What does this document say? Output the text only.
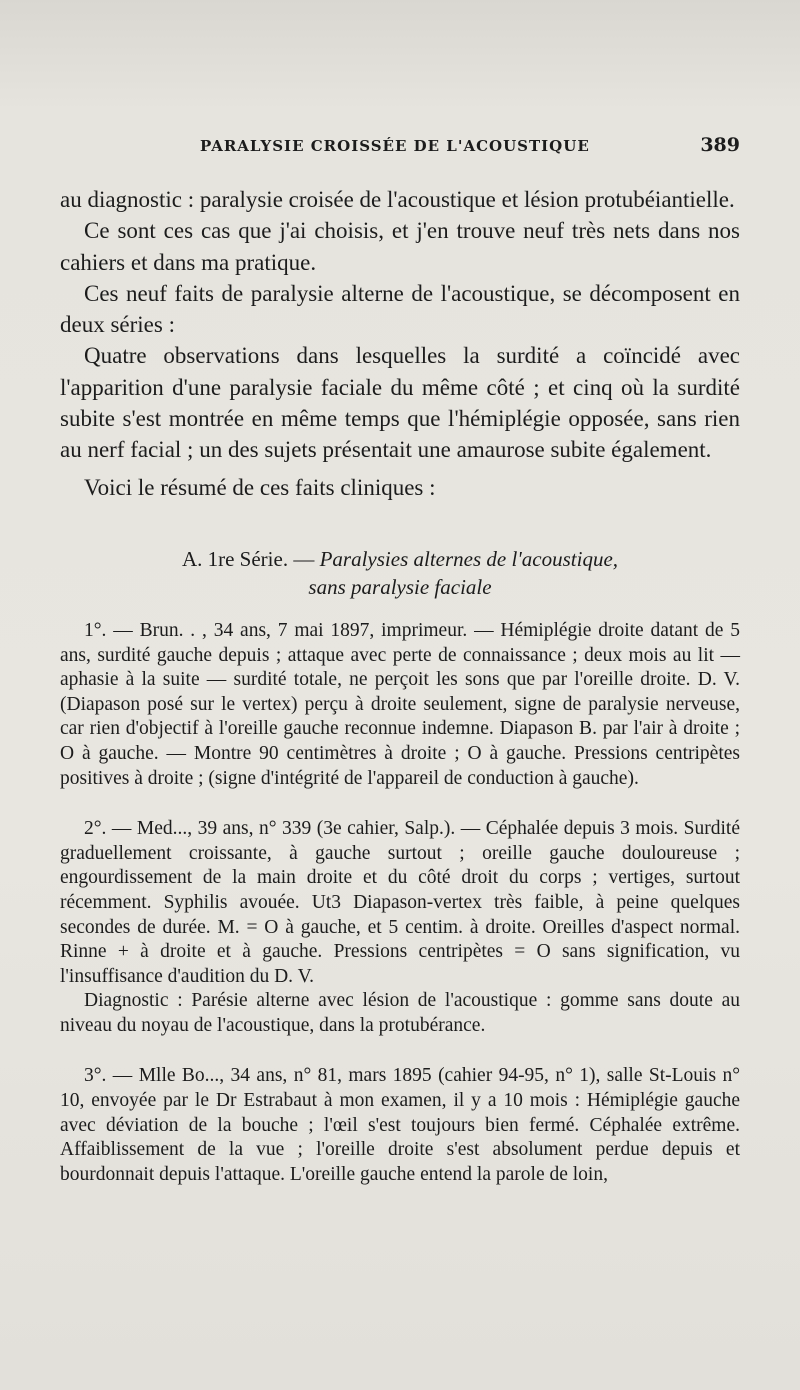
PARALYSIE CROISSÉE DE L'ACOUSTIQUE	389

au diagnostic : paralysie croisée de l'acoustique et lésion protubéiantielle.

Ce sont ces cas que j'ai choisis, et j'en trouve neuf très nets dans nos cahiers et dans ma pratique.

Ces neuf faits de paralysie alterne de l'acoustique, se décomposent en deux séries :

Quatre observations dans lesquelles la surdité a coïncidé avec l'apparition d'une paralysie faciale du même côté ; et cinq où la surdité subite s'est montrée en même temps que l'hémiplégie opposée, sans rien au nerf facial ; un des sujets présentait une amaurose subite également.

Voici le résumé de ces faits cliniques :

A. 1re Série. — Paralysies alternes de l'acoustique,
sans paralysie faciale

1°. — Brun. . , 34 ans, 7 mai 1897, imprimeur. — Hémiplégie droite datant de 5 ans, surdité gauche depuis ; attaque avec perte de connaissance ; deux mois au lit — aphasie à la suite — surdité totale, ne perçoit les sons que par l'oreille droite. D. V. (Diapason posé sur le vertex) perçu à droite seulement, signe de paralysie nerveuse, car rien d'objectif à l'oreille gauche reconnue indemne. Diapason B. par l'air à droite ; O à gauche. — Montre 90 centimètres à droite ; O à gauche. Pressions centripètes positives à droite ; (signe d'intégrité de l'appareil de conduction à gauche).

2°. — Med..., 39 ans, n° 339 (3e cahier, Salp.). — Céphalée depuis 3 mois. Surdité graduellement croissante, à gauche surtout ; oreille gauche douloureuse ; engourdissement de la main droite et du côté droit du corps ; vertiges, surtout récemment. Syphilis avouée. Ut3 Diapason-vertex très faible, à peine quelques secondes de durée. M. = O à gauche, et 5 centim. à droite. Oreilles d'aspect normal. Rinne + à droite et à gauche. Pressions centripètes = O sans signification, vu l'insuffisance d'audition du D. V.

Diagnostic : Parésie alterne avec lésion de l'acoustique : gomme sans doute au niveau du noyau de l'acoustique, dans la protubérance.

3°. — Mlle Bo..., 34 ans, n° 81, mars 1895 (cahier 94-95, n° 1), salle St-Louis n° 10, envoyée par le Dr Estrabaut à mon examen, il y a 10 mois : Hémiplégie gauche avec déviation de la bouche ; l'œil s'est toujours bien fermé. Céphalée extrême. Affaiblissement de la vue ; l'oreille droite s'est absolument perdue depuis et bourdonnait depuis l'attaque. L'oreille gauche entend la parole de loin,
